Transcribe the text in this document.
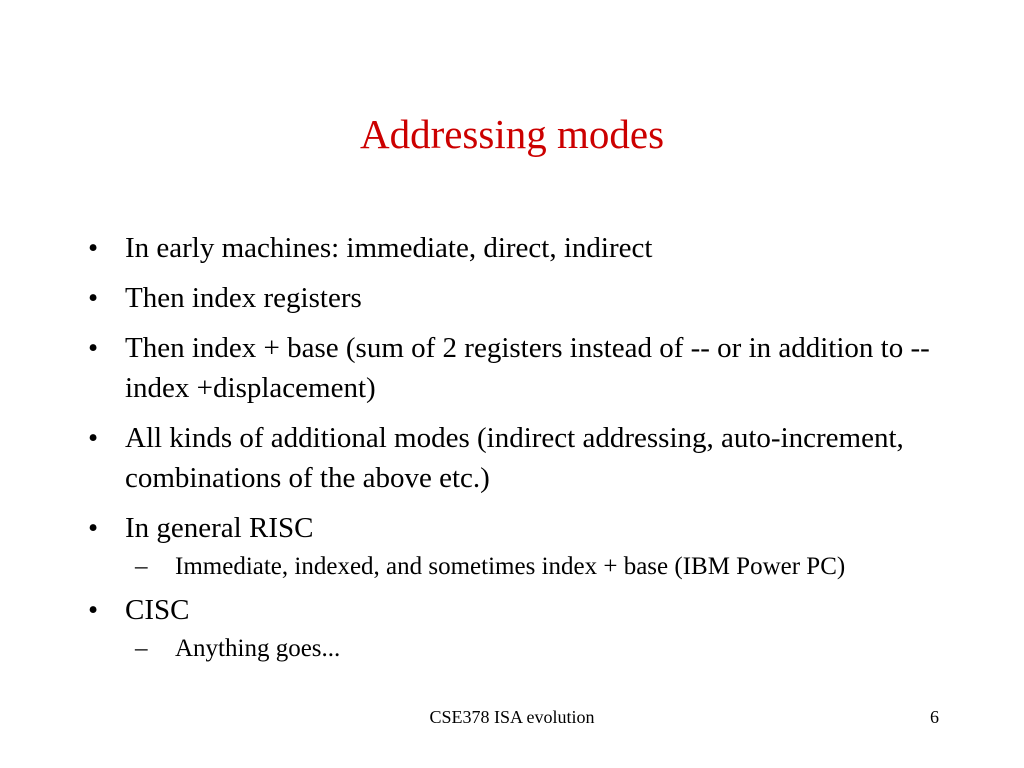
Addressing modes
• In early machines: immediate, direct, indirect
• Then index registers
• Then index + base (sum of 2 registers instead of -- or in addition to -- index +displacement)
• All kinds of additional modes (indirect addressing, auto-increment, combinations of the above etc.)
• In general RISC
– Immediate, indexed, and sometimes index + base (IBM Power PC)
• CISC
– Anything goes...
CSE378 ISA evolution	6
